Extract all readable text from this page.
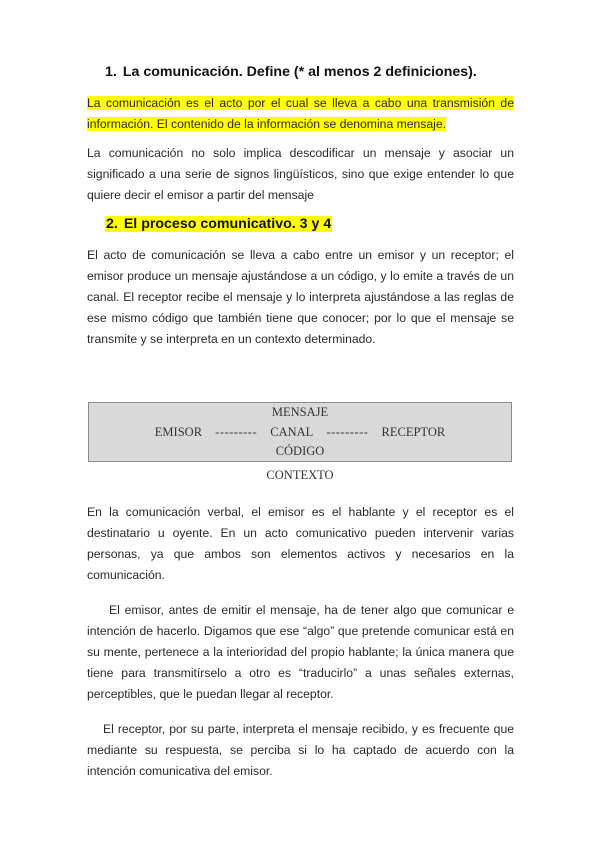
1. La comunicación. Define (* al menos 2 definiciones).

La comunicación es el acto por el cual se lleva a cabo una transmisión de información. El contenido de la información se denomina mensaje.

La comunicación no solo implica descodificar un mensaje y asociar un significado a una serie de signos lingüísticos, sino que exige entender lo que quiere decir el emisor a partir del mensaje

2. El proceso comunicativo. 3 y 4

El acto de comunicación se lleva a cabo entre un emisor y un receptor; el emisor produce un mensaje ajustándose a un código, y lo emite a través de un canal. El receptor recibe el mensaje y lo interpreta ajustándose a las reglas de ese mismo código que también tiene que conocer; por lo que el mensaje se transmite y se interpreta en un contexto determinado.

MENSAJE
EMISOR --------- CANAL --------- RECEPTOR
CÓDIGO
CONTEXTO

En la comunicación verbal, el emisor es el hablante y el receptor es el destinatario u oyente. En un acto comunicativo pueden intervenir varias personas, ya que ambos son elementos activos y necesarios en la comunicación.

El emisor, antes de emitir el mensaje, ha de tener algo que comunicar e intención de hacerlo. Digamos que ese “algo” que pretende comunicar está en su mente, pertenece a la interioridad del propio hablante; la única manera que tiene para transmitírselo a otro es “traducirlo” a unas señales externas, perceptibles, que le puedan llegar al receptor.

El receptor, por su parte, interpreta el mensaje recibido, y es frecuente que mediante su respuesta, se perciba si lo ha captado de acuerdo con la intención comunicativa del emisor.
